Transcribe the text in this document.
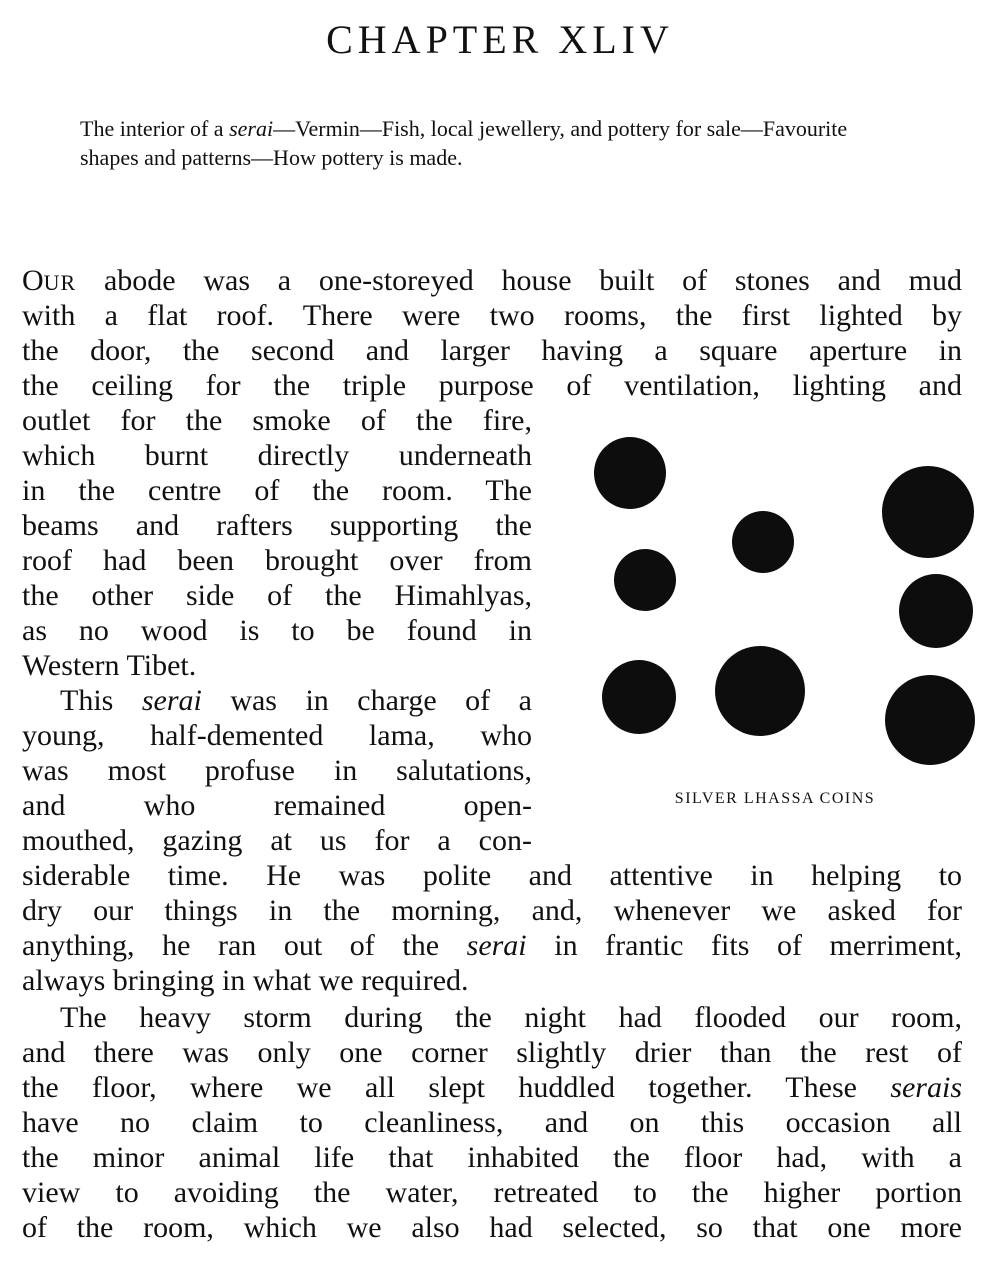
CHAPTER XLIV

The interior of a serai—Vermin—Fish, local jewellery, and pottery for sale—Favourite shapes and patterns—How pottery is made.

OUR abode was a one-storeyed house built of stones and mud
with a flat roof. There were two rooms, the first lighted by
the door, the second and larger having a square aperture in
the ceiling for the triple purpose of ventilation, lighting and
outlet for the smoke of the fire,
which burnt directly underneath
in the centre of the room. The
beams and rafters supporting the
roof had been brought over from
the other side of the Himahlyas,
as no wood is to be found in
Western Tibet.
This serai was in charge of a
young, half-demented lama, who
was most profuse in salutations,
and who remained open-
mouthed, gazing at us for a con-
siderable time. He was polite and attentive in helping to
dry our things in the morning, and, whenever we asked for
anything, he ran out of the serai in frantic fits of merriment,
always bringing in what we required.
The heavy storm during the night had flooded our room,
and there was only one corner slightly drier than the rest of
the floor, where we all slept huddled together. These serais
have no claim to cleanliness, and on this occasion all
the minor animal life that inhabited the floor had, with a
view to avoiding the water, retreated to the higher portion
of the room, which we also had selected, so that one more
SILVER LHASSA COINS
